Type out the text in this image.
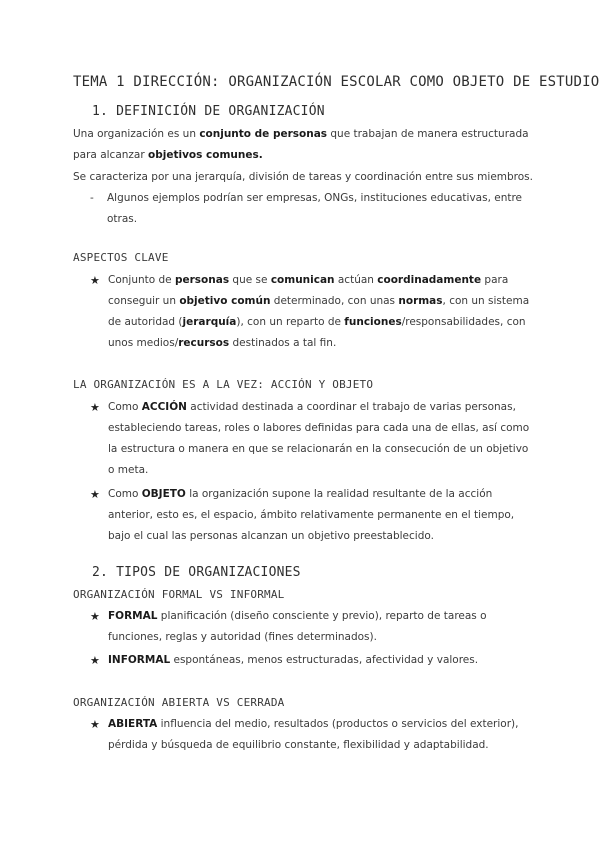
TEMA 1 DIRECCIÓN: ORGANIZACIÓN ESCOLAR COMO OBJETO DE ESTUDIO
1. DEFINICIÓN DE ORGANIZACIÓN
Una organización es un conjunto de personas que trabajan de manera estructurada para alcanzar objetivos comunes.
Se caracteriza por una jerarquía, división de tareas y coordinación entre sus miembros.
- Algunos ejemplos podrían ser empresas, ONGs, instituciones educativas, entre otras.
ASPECTOS CLAVE
★ Conjunto de personas que se comunican actúan coordinadamente para conseguir un objetivo común determinado, con unas normas, con un sistema de autoridad (jerarquía), con un reparto de funciones/responsabilidades, con unos medios/recursos destinados a tal fin.
LA ORGANIZACIÓN ES A LA VEZ: ACCIÓN Y OBJETO
★ Como ACCIÓN actividad destinada a coordinar el trabajo de varias personas, estableciendo tareas, roles o labores definidas para cada una de ellas, así como la estructura o manera en que se relacionarán en la consecución de un objetivo o meta.
★ Como OBJETO la organización supone la realidad resultante de la acción anterior, esto es, el espacio, ámbito relativamente permanente en el tiempo, bajo el cual las personas alcanzan un objetivo preestablecido.
2. TIPOS DE ORGANIZACIONES
ORGANIZACIÓN FORMAL VS INFORMAL
★ FORMAL planificación (diseño consciente y previo), reparto de tareas o funciones, reglas y autoridad (fines determinados).
★ INFORMAL espontáneas, menos estructuradas, afectividad y valores.
ORGANIZACIÓN ABIERTA VS CERRADA
★ ABIERTA influencia del medio, resultados (productos o servicios del exterior), pérdida y búsqueda de equilibrio constante, flexibilidad y adaptabilidad.
